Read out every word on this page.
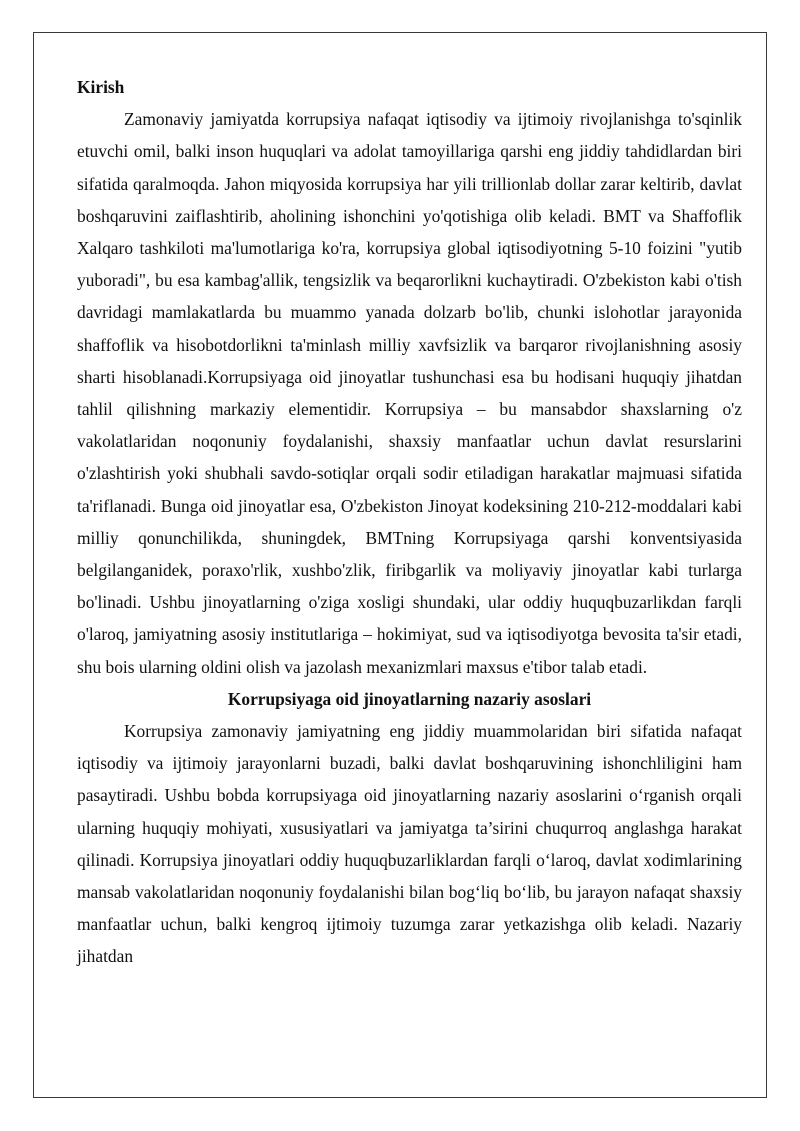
Kirish

Zamonaviy jamiyatda korrupsiya nafaqat iqtisodiy va ijtimoiy rivojlanishga to'sqinlik etuvchi omil, balki inson huquqlari va adolat tamoyillariga qarshi eng jiddiy tahdidlardan biri sifatida qaralmoqda. Jahon miqyosida korrupsiya har yili trillionlab dollar zarar keltirib, davlat boshqaruvini zaiflashtirib, aholining ishonchini yo'qotishiga olib keladi. BMT va Shaffoflik Xalqaro tashkiloti ma'lumotlariga ko'ra, korrupsiya global iqtisodiyotning 5-10 foizini "yutib yuboradi", bu esa kambag'allik, tengsizlik va beqarorlikni kuchaytiradi. O'zbekiston kabi o'tish davridagi mamlakatlarda bu muammo yanada dolzarb bo'lib, chunki islohotlar jarayonida shaffoflik va hisobotdorlikni ta'minlash milliy xavfsizlik va barqaror rivojlanishning asosiy sharti hisoblanadi.Korrupsiyaga oid jinoyatlar tushunchasi esa bu hodisani huquqiy jihatdan tahlil qilishning markaziy elementidir. Korrupsiya – bu mansabdor shaxslarning o'z vakolatlaridan noqonuniy foydalanishi, shaxsiy manfaatlar uchun davlat resurslarini o'zlashtirish yoki shubhali savdo-sotiqlar orqali sodir etiladigan harakatlar majmuasi sifatida ta'riflanadi. Bunga oid jinoyatlar esa, O'zbekiston Jinoyat kodeksining 210-212-moddalari kabi milliy qonunchilikda, shuningdek, BMTning Korrupsiyaga qarshi konventsiyasida belgilanganidek, poraxo'rlik, xushbo'zlik, firibgarlik va moliyaviy jinoyatlar kabi turlarga bo'linadi. Ushbu jinoyatlarning o'ziga xosligi shundaki, ular oddiy huquqbuzarlikdan farqli o'laroq, jamiyatning asosiy institutlariga – hokimiyat, sud va iqtisodiyotga bevosita ta'sir etadi, shu bois ularning oldini olish va jazolash mexanizmlari maxsus e'tibor talab etadi.

Korrupsiyaga oid jinoyatlarning nazariy asoslari

Korrupsiya zamonaviy jamiyatning eng jiddiy muammolaridan biri sifatida nafaqat iqtisodiy va ijtimoiy jarayonlarni buzadi, balki davlat boshqaruvining ishonchliligini ham pasaytiradi. Ushbu bobda korrupsiyaga oid jinoyatlarning nazariy asoslarini o‘rganish orqali ularning huquqiy mohiyati, xususiyatlari va jamiyatga ta’sirini chuqurroq anglashga harakat qilinadi. Korrupsiya jinoyatlari oddiy huquqbuzarliklardan farqli o‘laroq, davlat xodimlarining mansab vakolatlaridan noqonuniy foydalanishi bilan bog‘liq bo‘lib, bu jarayon nafaqat shaxsiy manfaatlar uchun, balki kengroq ijtimoiy tuzumga zarar yetkazishga olib keladi. Nazariy jihatdan
